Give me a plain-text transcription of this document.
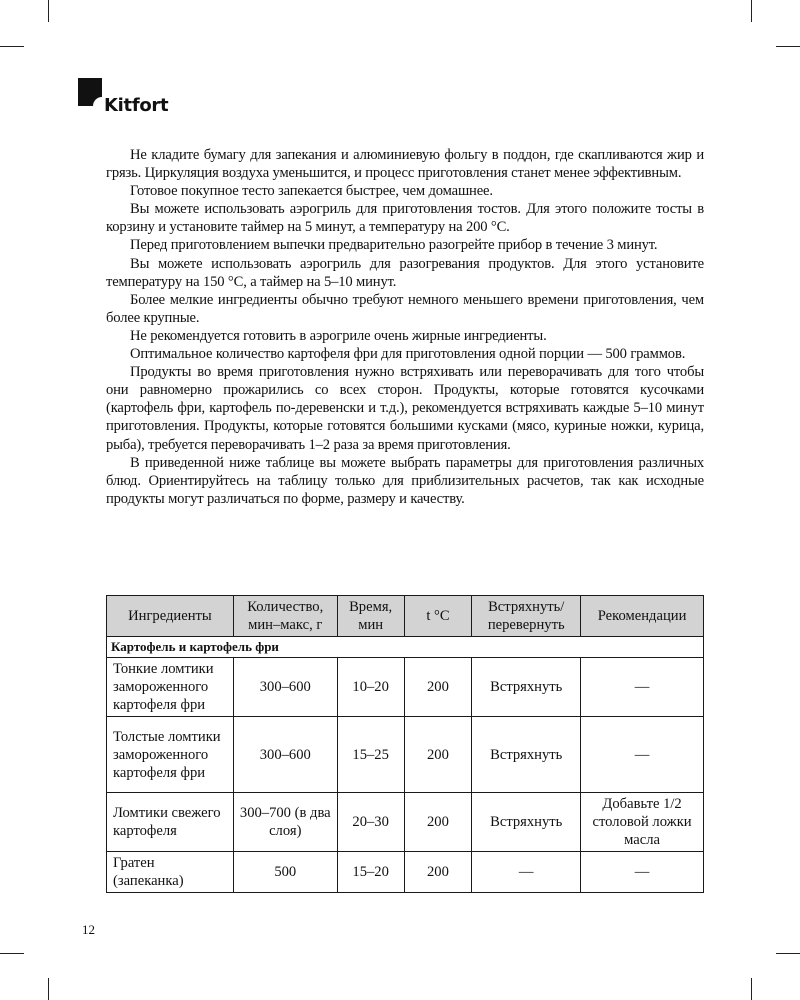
Kitfort

Не кладите бумагу для запекания и алюминиевую фольгу в поддон, где скапливаются жир и грязь. Циркуляция воздуха уменьшится, и процесс приготовления станет менее эффективным.

Готовое покупное тесто запекается быстрее, чем домашнее.

Вы можете использовать аэрогриль для приготовления тостов. Для этого положите тосты в корзину и установите таймер на 5 минут, а температуру на 200 °С.

Перед приготовлением выпечки предварительно разогрейте прибор в течение 3 минут.

Вы можете использовать аэрогриль для разогревания продуктов. Для этого установите температуру на 150 °С, а таймер на 5–10 минут.

Более мелкие ингредиенты обычно требуют немного меньшего времени приготовления, чем более крупные.

Не рекомендуется готовить в аэрогриле очень жирные ингредиенты.

Оптимальное количество картофеля фри для приготовления одной порции — 500 граммов.

Продукты во время приготовления нужно встряхивать или переворачивать для того чтобы они равномерно прожарились со всех сторон. Продукты, которые готовятся кусочками (картофель фри, картофель по-деревенски и т.д.), рекомендуется встряхивать каждые 5–10 минут приготовления. Продукты, которые готовятся большими кусками (мясо, куриные ножки, курица, рыба), требуется переворачивать 1–2 раза за время приготовления.

В приведенной ниже таблице вы можете выбрать параметры для приготовления различных блюд. Ориентируйтесь на таблицу только для приблизительных расчетов, так как исходные продукты могут различаться по форме, размеру и качеству.

Ингредиенты	Количество, мин–макс, г	Время, мин	t °С	Встряхнуть/ перевернуть	Рекомендации
Картофель и картофель фри					
Тонкие ломтики замороженного картофеля фри	300–600	10–20	200	Встряхнуть	—
Толстые ломтики замороженного картофеля фри	300–600	15–25	200	Встряхнуть	—
Ломтики свежего картофеля	300–700 (в два слоя)	20–30	200	Встряхнуть	Добавьте 1/2 столовой ложки масла
Гратен (запеканка)	500	15–20	200	—	—
12
